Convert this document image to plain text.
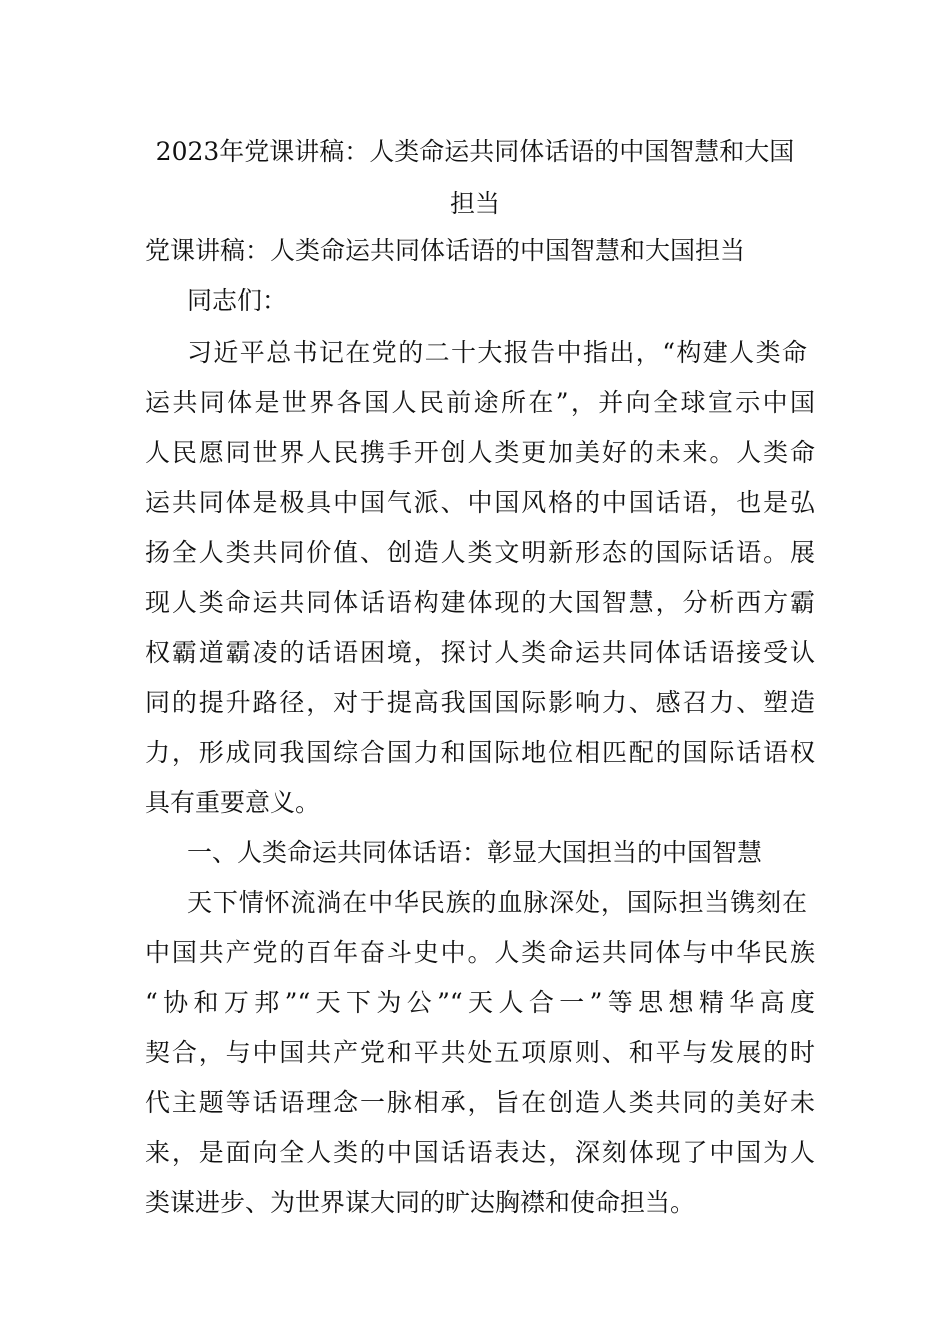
2023年党课讲稿：人类命运共同体话语的中国智慧和大国
担当

党课讲稿：人类命运共同体话语的中国智慧和大国担当

同志们：

习近平总书记在党的二十大报告中指出，“构建人类命

运共同体是世界各国人民前途所在”，并向全球宣示中国

人民愿同世界人民携手开创人类更加美好的未来。人类命

运共同体是极具中国气派、中国风格的中国话语，也是弘

扬全人类共同价值、创造人类文明新形态的国际话语。展

现人类命运共同体话语构建体现的大国智慧，分析西方霸

权霸道霸凌的话语困境，探讨人类命运共同体话语接受认

同的提升路径，对于提高我国国际影响力、感召力、塑造

力，形成同我国综合国力和国际地位相匹配的国际话语权

具有重要意义。

一、人类命运共同体话语：彰显大国担当的中国智慧

天下情怀流淌在中华民族的血脉深处，国际担当镌刻在

中国共产党的百年奋斗史中。人类命运共同体与中华民族

“协和万邦”“天下为公”“天人合一”等思想精华高度

契合，与中国共产党和平共处五项原则、和平与发展的时

代主题等话语理念一脉相承，旨在创造人类共同的美好未

来，是面向全人类的中国话语表达，深刻体现了中国为人

类谋进步、为世界谋大同的旷达胸襟和使命担当。
